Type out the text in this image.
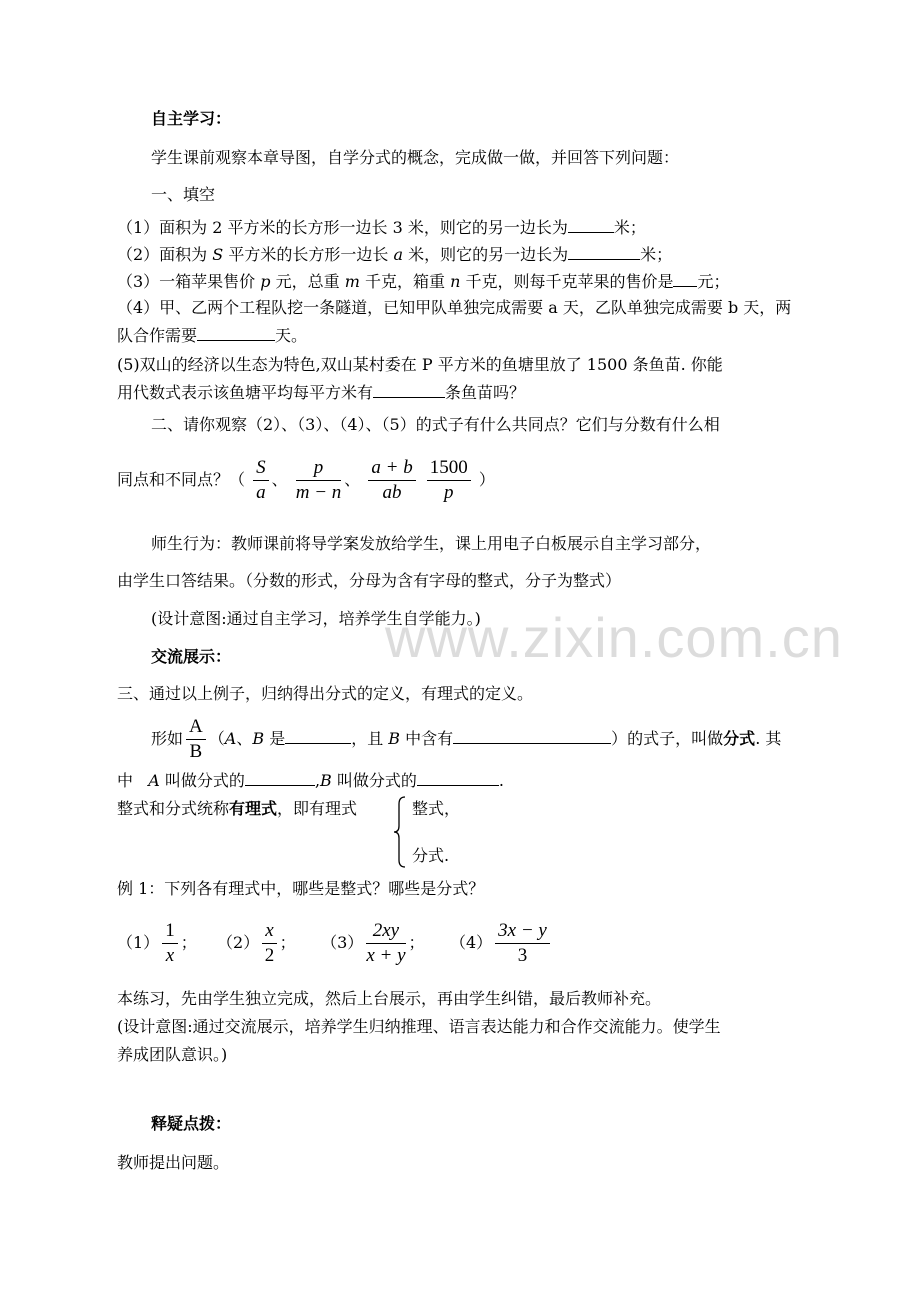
www.zixin.com.cn
自主学习：
学生课前观察本章导图，自学分式的概念，完成做一做，并回答下列问题：
一、填空
（1）面积为 2 平方米的长方形一边长 3 米，则它的另一边长为	米；
（2）面积为 S 平方米的长方形一边长 a 米，则它的另一边长为	米；
（3）一箱苹果售价 p 元，总重 m 千克，箱重 n 千克，则每千克苹果的售价是 元；
（4）甲、乙两个工程队挖一条隧道，已知甲队单独完成需要 a 天，乙队单独完成需要 b 天，两
队合作需要	天。
(5)双山的经济以生态为特色,双山某村委在 P 平方米的鱼塘里放了 1500 条鱼苗. 你能
用代数式表示该鱼塘平均每平方米有	条鱼苗吗？
二、请你观察（2）、（3）、（4）、（5）的式子有什么共同点？它们与分数有什么相
同点和不同点？（ $\frac{S}{a}$ 、 $\frac{p}{m - n}$ 、 $\frac{a + b}{ab}$
$\frac{1500}{p}$ ）
师生行为：教师课前将导学案发放给学生，课上用电子白板展示自主学习部分，
由学生口答结果。（分数的形式，分母为含有字母的整式，分子为整式）
(设计意图:通过自主学习，培养学生自学能力。)
交流展示：
三、通过以上例子，归纳得出分式的定义，有理式的定义。
形如 $\frac{A}{B} (A$、B 是	，且 B 中含有	）的式子，叫做分式. 其
中 A 叫做分式的	,B 叫做分式的	.
整式和分式统称有理式，即有理式	整式，
分式.
例 1：下列各有理式中，哪些是整式？哪些是分式？
$(1) \frac{1}{x}$ ； $(2) \frac{x}{2}$ ； $(3) \frac{2xy}{x + y}$ ； $(4) \frac{3x - y}{3}$
本练习，先由学生独立完成，然后上台展示，再由学生纠错，最后教师补充。
(设计意图:通过交流展示，培养学生归纳推理、语言表达能力和合作交流能力。使学生
养成团队意识。)
释疑点拨：
教师提出问题。
